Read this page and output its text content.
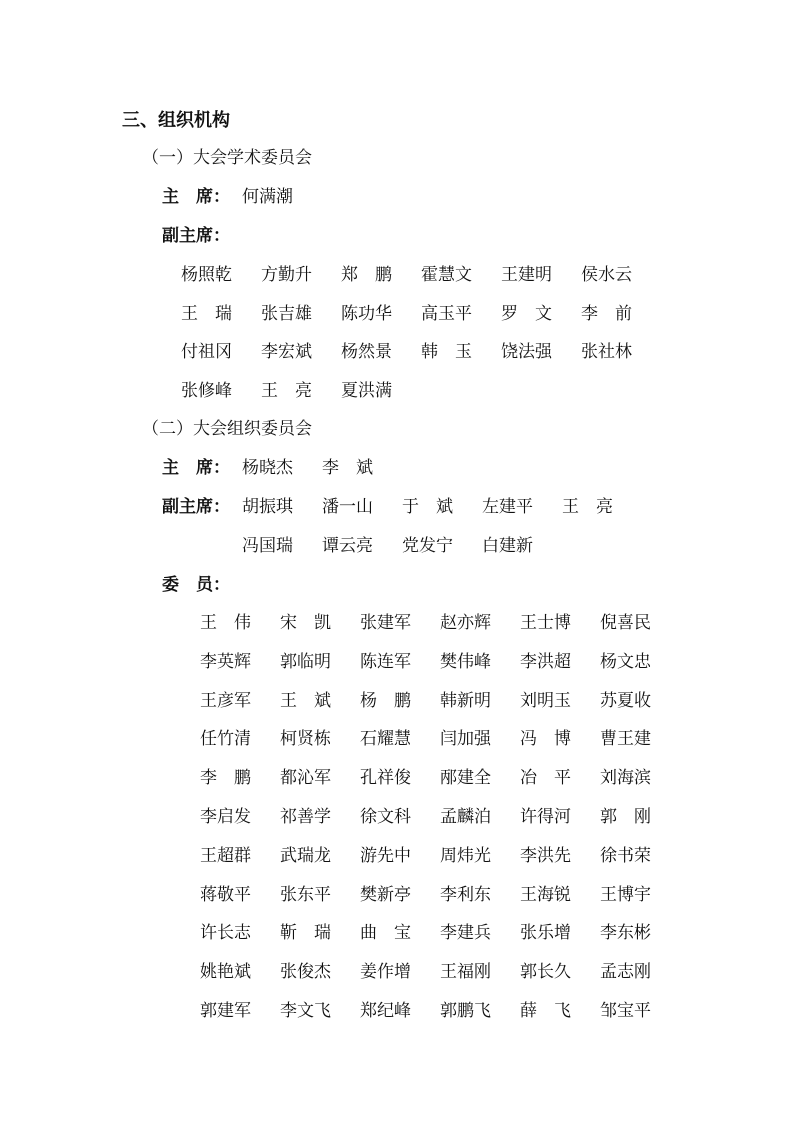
三、组织机构
（一）大会学术委员会
主　席： 何满潮
副主席：
杨照乾 方勤升 郑　鹏 霍慧文 王建明 侯水云
王　瑞 张吉雄 陈功华 高玉平 罗　文 李　前
付祖冈 李宏斌 杨然景 韩　玉 饶法强 张社林
张修峰 王　亮 夏洪满
（二）大会组织委员会
主　席： 杨晓杰 李　斌
副主席： 胡振琪 潘一山 于　斌 左建平 王　亮
冯国瑞 谭云亮 党发宁 白建新
委　员：
王　伟 宋　凯 张建军 赵亦辉 王士博 倪喜民
李英辉 郭临明 陈连军 樊伟峰 李洪超 杨文忠
王彦军 王　斌 杨　鹏 韩新明 刘明玉 苏夏收
任竹清 柯贤栋 石耀慧 闫加强 冯　博 曹王建
李　鹏 都沁军 孔祥俊 邴建全 冶　平 刘海滨
李启发 祁善学 徐文科 孟麟泊 许得河 郭　刚
王超群 武瑞龙 游先中 周炜光 李洪先 徐书荣
蒋敬平 张东平 樊新亭 李利东 王海锐 王博宇
许长志 靳　瑞 曲　宝 李建兵 张乐增 李东彬
姚艳斌 张俊杰 姜作增 王福刚 郭长久 孟志刚
郭建军 李文飞 郑纪峰 郭鹏飞 薛　飞 邹宝平
